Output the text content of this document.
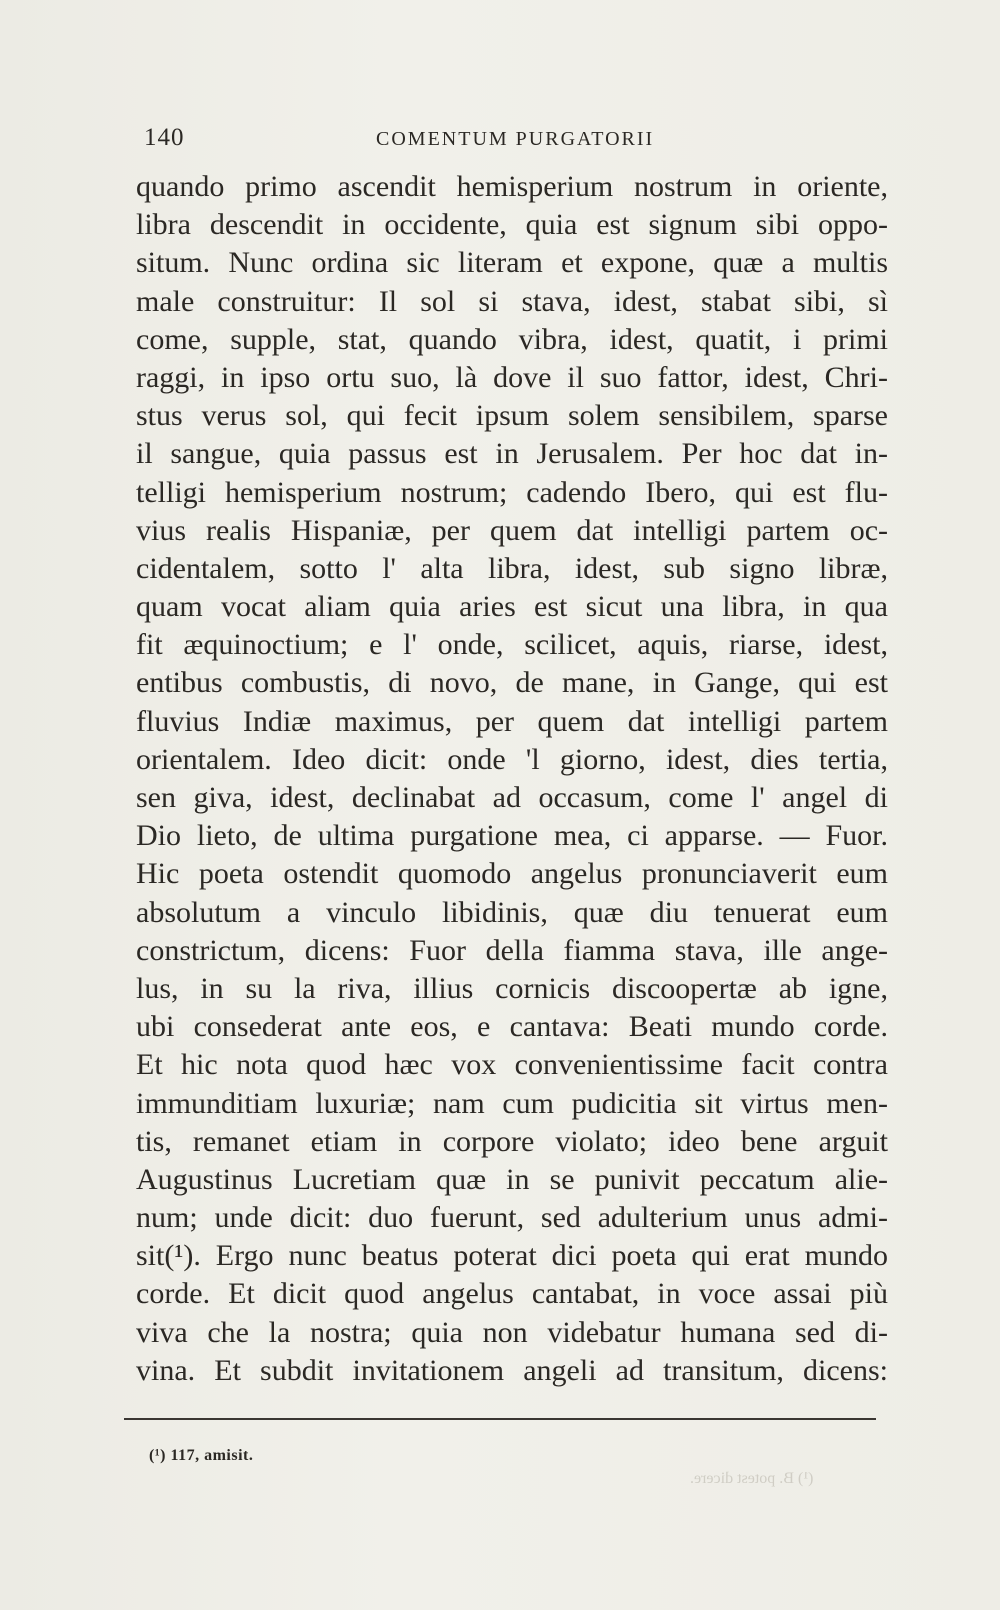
140	COMENTUM PURGATORII
quando primo ascendit hemisperium nostrum in oriente,
libra descendit in occidente, quia est signum sibi oppo-
situm. Nunc ordina sic literam et expone, quæ a multis
male construitur: Il sol si stava, idest, stabat sibi, sì
come, supple, stat, quando vibra, idest, quatit, i primi
raggi, in ipso ortu suo, là dove il suo fattor, idest, Chri-
stus verus sol, qui fecit ipsum solem sensibilem, sparse
il sangue, quia passus est in Jerusalem. Per hoc dat in-
telligi hemisperium nostrum; cadendo Ibero, qui est flu-
vius realis Hispaniæ, per quem dat intelligi partem oc-
cidentalem, sotto l' alta libra, idest, sub signo libræ,
quam vocat aliam quia aries est sicut una libra, in qua
fit æquinoctium; e l' onde, scilicet, aquis, riarse, idest,
entibus combustis, di novo, de mane, in Gange, qui est
fluvius Indiæ maximus, per quem dat intelligi partem
orientalem. Ideo dicit: onde 'l giorno, idest, dies tertia,
sen giva, idest, declinabat ad occasum, come l' angel di
Dio lieto, de ultima purgatione mea, ci apparse. — Fuor.
Hic poeta ostendit quomodo angelus pronunciaverit eum
absolutum a vinculo libidinis, quæ diu tenuerat eum
constrictum, dicens: Fuor della fiamma stava, ille ange-
lus, in su la riva, illius cornicis discoopertæ ab igne,
ubi consederat ante eos, e cantava: Beati mundo corde.
Et hic nota quod hæc vox convenientissime facit contra
immunditiam luxuriæ; nam cum pudicitia sit virtus men-
tis, remanet etiam in corpore violato; ideo bene arguit
Augustinus Lucretiam quæ in se punivit peccatum alie-
num; unde dicit: duo fuerunt, sed adulterium unus admi-
sit(¹). Ergo nunc beatus poterat dici poeta qui erat mundo
corde. Et dicit quod angelus cantabat, in voce assai più
viva che la nostra; quia non videbatur humana sed di-
vina. Et subdit invitationem angeli ad transitum, dicens:
(¹) 117, amisit.
(¹) B. potest dicere.
